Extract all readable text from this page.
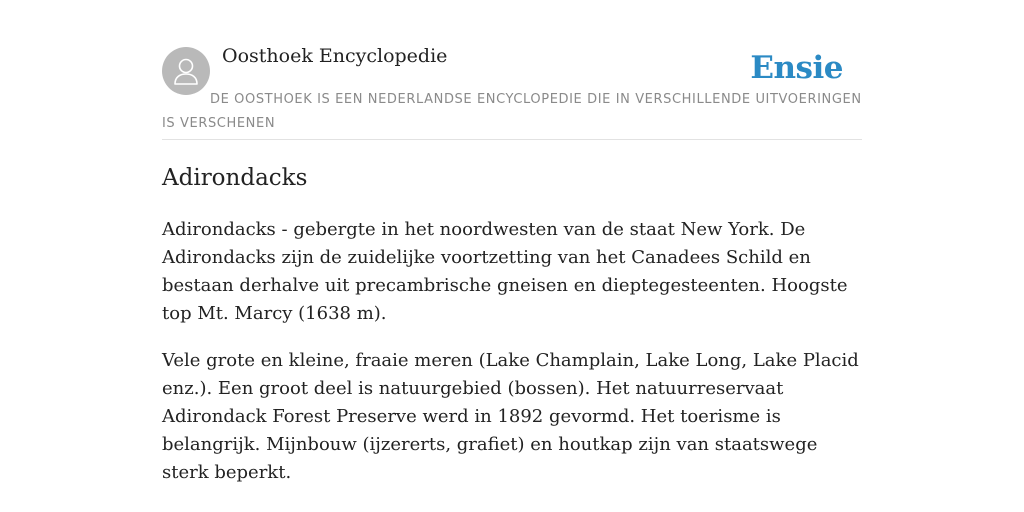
Oosthoek Encyclopedie	Ensie
DE OOSTHOEK IS EEN NEDERLANDSE ENCYCLOPEDIE DIE IN VERSCHILLENDE UITVOERINGEN IS VERSCHENEN
Adirondacks

Adirondacks - gebergte in het noordwesten van de staat New York. De Adirondacks zijn de zuidelijke voortzetting van het Canadees Schild en bestaan derhalve uit precambrische gneisen en dieptegesteenten. Hoogste top Mt. Marcy (1638 m).

Vele grote en kleine, fraaie meren (Lake Champlain, Lake Long, Lake Placid enz.). Een groot deel is natuurgebied (bossen). Het natuurreservaat Adirondack Forest Preserve werd in 1892 gevormd. Het toerisme is belangrijk. Mijnbouw (ijzererts, grafiet) en houtkap zijn van staatswege sterk beperkt.
